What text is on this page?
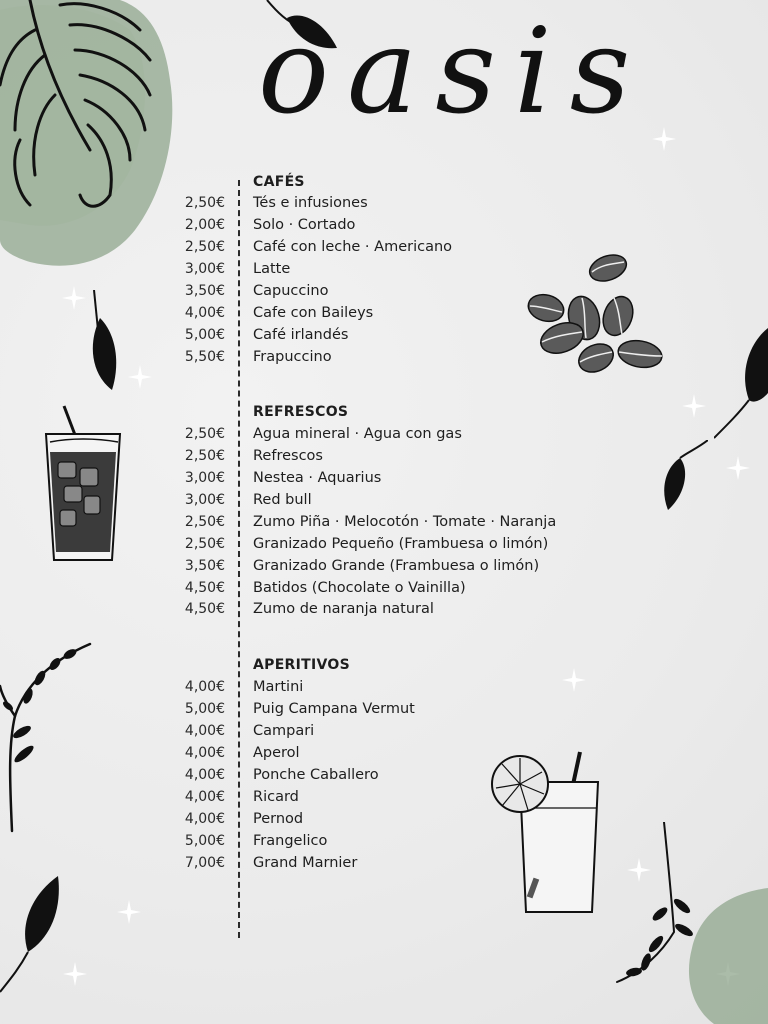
oasis
CAFÉS
2,50€ Tés e infusiones
2,00€ Solo · Cortado
2,50€ Café con leche · Americano
3,00€ Latte
3,50€ Capuccino
4,00€ Cafe con Baileys
5,00€ Café irlandés
5,50€ Frapuccino
REFRESCOS
2,50€ Agua mineral · Agua con gas
2,50€ Refrescos
3,00€ Nestea · Aquarius
3,00€ Red bull
2,50€ Zumo Piña · Melocotón · Tomate · Naranja
2,50€ Granizado Pequeño (Frambuesa o limón)
3,50€ Granizado Grande (Frambuesa o limón)
4,50€ Batidos (Chocolate o Vainilla)
4,50€ Zumo de naranja natural
APERITIVOS
4,00€ Martini
5,00€ Puig Campana Vermut
4,00€ Campari
4,00€ Aperol
4,00€ Ponche Caballero
4,00€ Ricard
4,00€ Pernod
5,00€ Frangelico
7,00€ Grand Marnier
